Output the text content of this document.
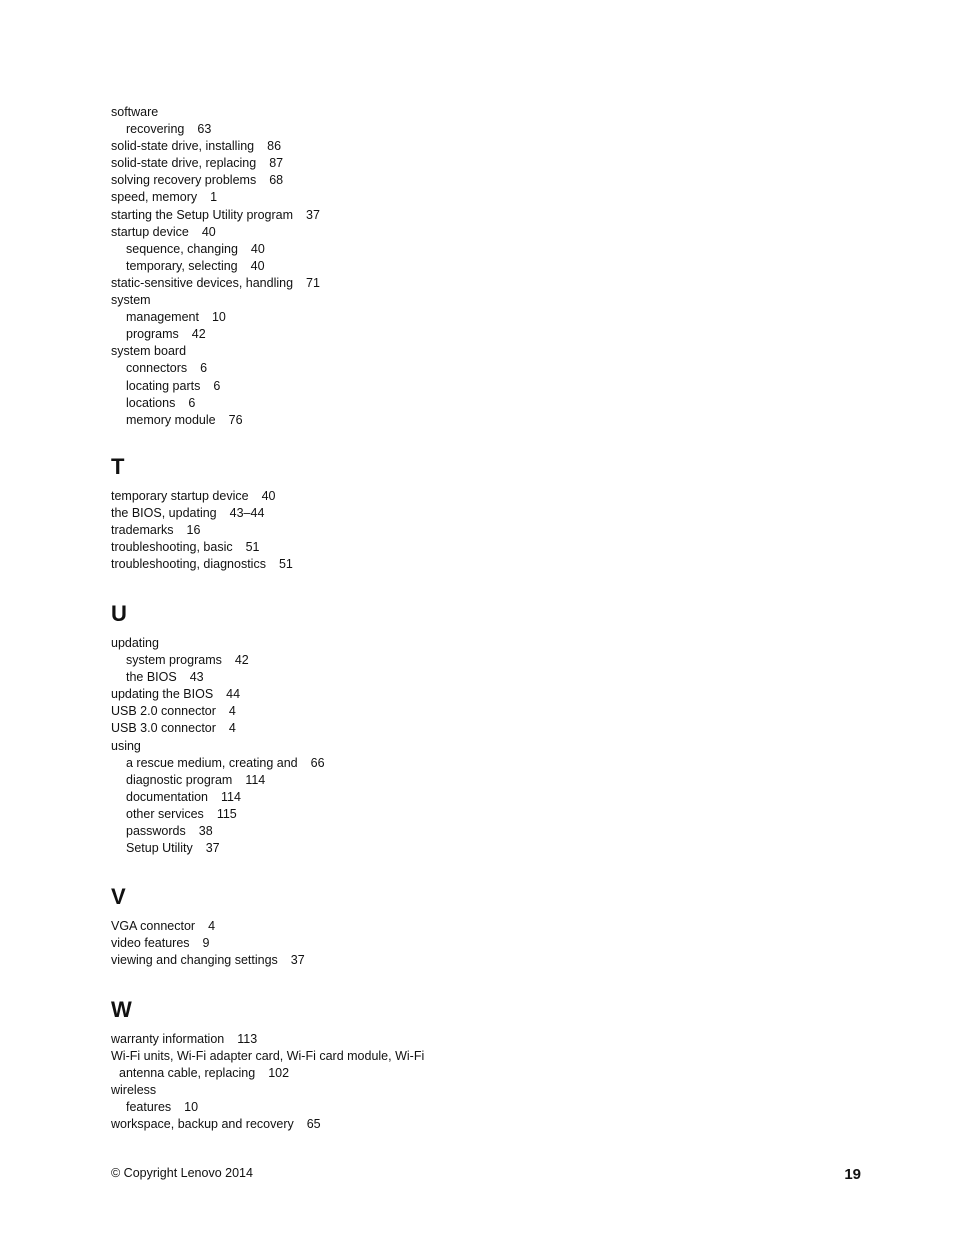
software
recovering 63
solid-state drive, installing 86
solid-state drive, replacing 87
solving recovery problems 68
speed, memory 1
starting the Setup Utility program 37
startup device 40
sequence, changing 40
temporary, selecting 40
static-sensitive devices, handling 71
system
management 10
programs 42
system board
connectors 6
locating parts 6
locations 6
memory module 76
T
temporary startup device 40
the BIOS, updating 43–44
trademarks 16
troubleshooting, basic 51
troubleshooting, diagnostics 51
U
updating
system programs 42
the BIOS 43
updating the BIOS 44
USB 2.0 connector 4
USB 3.0 connector 4
using
a rescue medium, creating and 66
diagnostic program 114
documentation 114
other services 115
passwords 38
Setup Utility 37
V
VGA connector 4
video features 9
viewing and changing settings 37
W
warranty information 113
Wi-Fi units, Wi-Fi adapter card, Wi-Fi card module, Wi-Fi
antenna cable, replacing 102
wireless
features 10
workspace, backup and recovery 65
© Copyright Lenovo 2014	19
